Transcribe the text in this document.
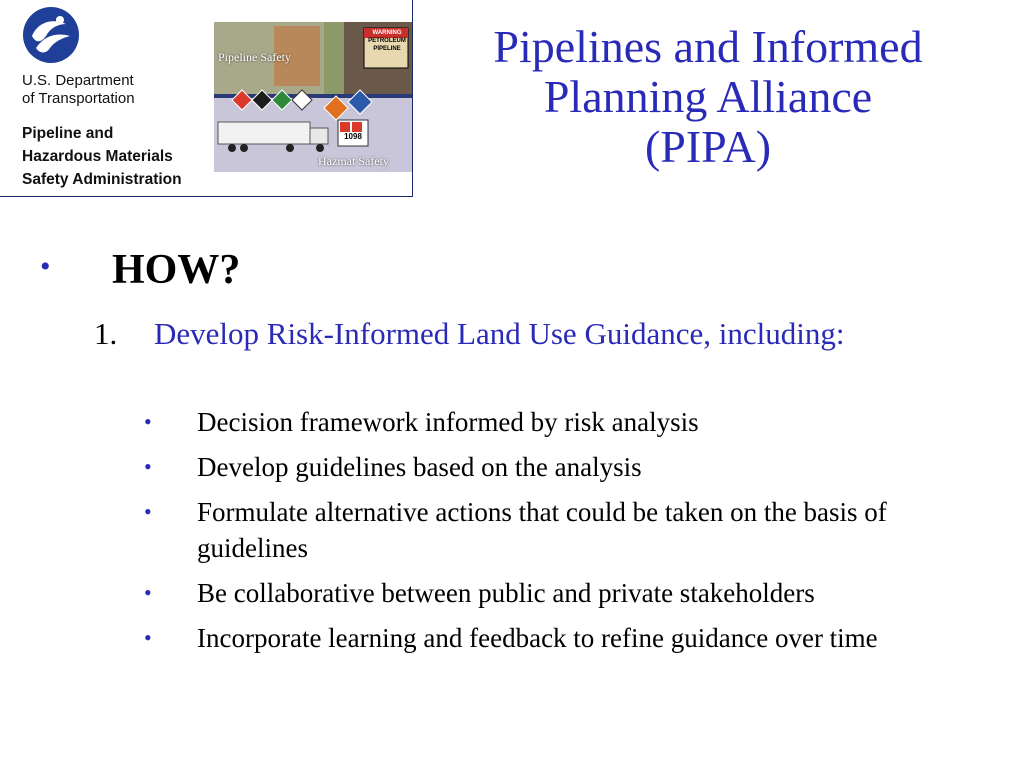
U.S. Department
of Transportation
Pipeline and
Hazardous Materials
Safety Administration
Pipeline Safety
Hazmat Safety
WARNING
PETROLEUM
PIPELINE
1098
Pipelines and Informed
Planning Alliance
(PIPA)
• HOW?
1. Develop Risk-Informed Land Use Guidance, including:
• Decision framework informed by risk analysis
• Develop guidelines based on the analysis
• Formulate alternative actions that could be taken on the basis of guidelines
• Be collaborative between public and private stakeholders
• Incorporate learning and feedback to refine guidance over time
